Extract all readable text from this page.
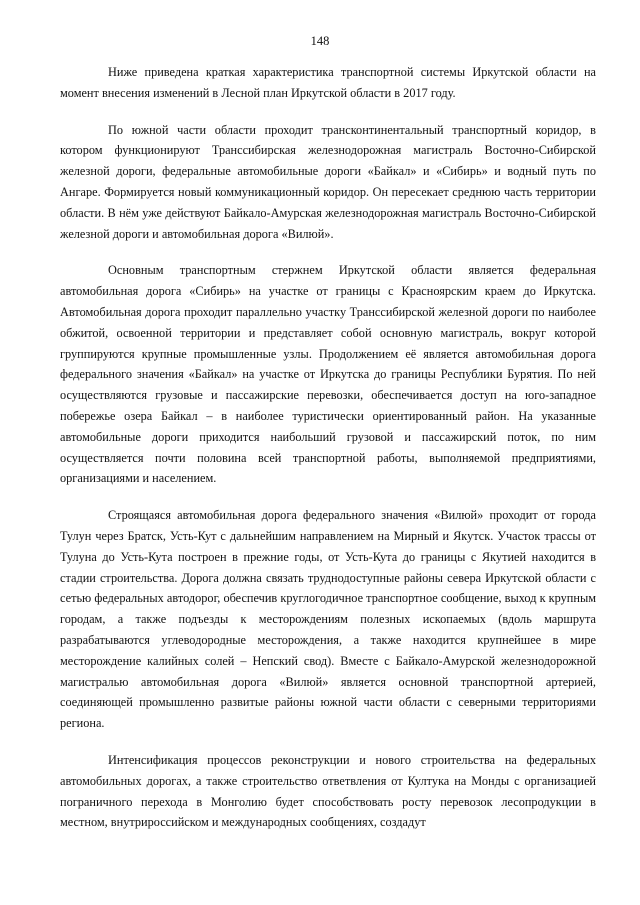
148

Ниже приведена краткая характеристика транспортной системы Иркутской области на момент внесения изменений в Лесной план Иркутской области в 2017 году.

По южной части области проходит трансконтинентальный транспортный коридор, в котором функционируют Транссибирская железнодорожная магистраль Восточно-Сибирской железной дороги, федеральные автомобильные дороги «Байкал» и «Сибирь» и водный путь по Ангаре. Формируется новый коммуникационный коридор. Он пересекает среднюю часть территории области. В нём уже действуют Байкало-Амурская железнодорожная магистраль Восточно-Сибирской железной дороги и автомобильная дорога «Вилюй».

Основным транспортным стержнем Иркутской области является федеральная автомобильная дорога «Сибирь» на участке от границы с Красноярским краем до Иркутска. Автомобильная дорога проходит параллельно участку Транссибирской железной дороги по наиболее обжитой, освоенной территории и представляет собой основную магистраль, вокруг которой группируются крупные промышленные узлы. Продолжением её является автомобильная дорога федерального значения «Байкал» на участке от Иркутска до границы Республики Бурятия. По ней осуществляются грузовые и пассажирские перевозки, обеспечивается доступ на юго-западное побережье озера Байкал – в наиболее туристически ориентированный район. На указанные автомобильные дороги приходится наибольший грузовой и пассажирский поток, по ним осуществляется почти половина всей транспортной работы, выполняемой предприятиями, организациями и населением.

Строящаяся автомобильная дорога федерального значения «Вилюй» проходит от города Тулун через Братск, Усть-Кут с дальнейшим направлением на Мирный и Якутск. Участок трассы от Тулуна до Усть-Кута построен в прежние годы, от Усть-Кута до границы с Якутией находится в стадии строительства. Дорога должна связать труднодоступные районы севера Иркутской области с сетью федеральных автодорог, обеспечив круглогодичное транспортное сообщение, выход к крупным городам, а также подъезды к месторождениям полезных ископаемых (вдоль маршрута разрабатываются углеводородные месторождения, а также находится крупнейшее в мире месторождение калийных солей – Непский свод). Вместе с Байкало-Амурской железнодорожной магистралью автомобильная дорога «Вилюй» является основной транспортной артерией, соединяющей промышленно развитые районы южной части области с северными территориями региона.

Интенсификация процессов реконструкции и нового строительства на федеральных автомобильных дорогах, а также строительство ответвления от Култука на Монды с организацией пограничного перехода в Монголию будет способствовать росту перевозок лесопродукции в местном, внутрироссийском и международных сообщениях, создадут
